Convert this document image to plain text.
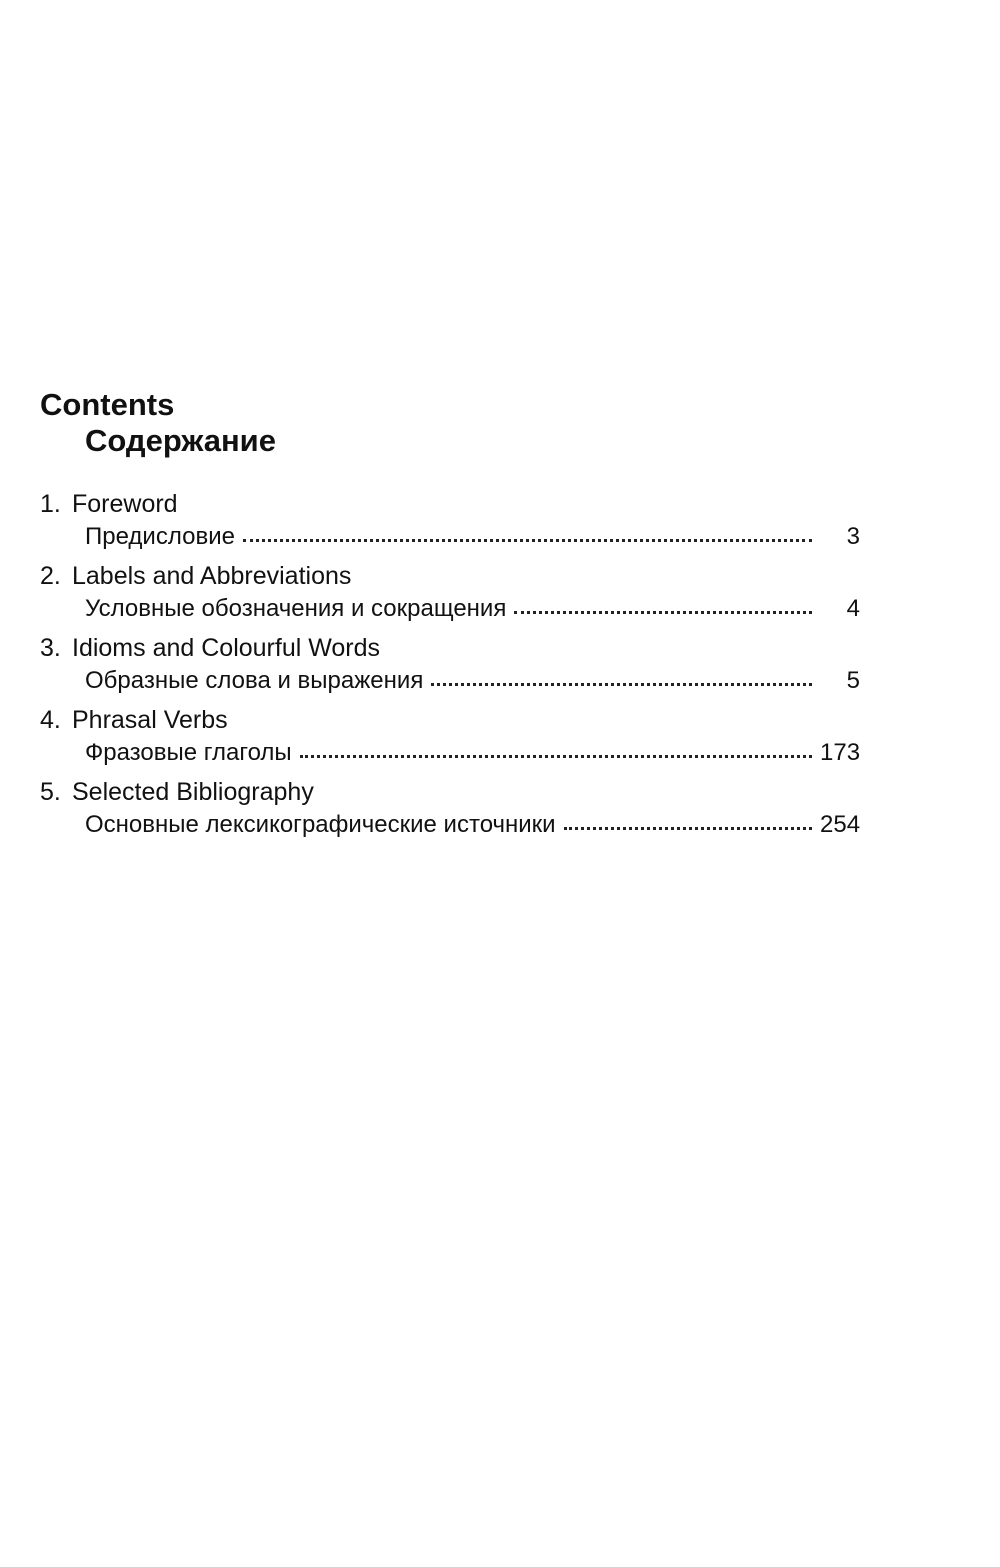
Contents
Содержание
1. Foreword
Предисловие	3
2. Labels and Abbreviations
Условные обозначения и сокращения	4
3. Idioms and Colourful Words
Образные слова и выражения	5
4. Phrasal Verbs
Фразовые глаголы	173
5. Selected Bibliography
Основные лексикографические источники	254
